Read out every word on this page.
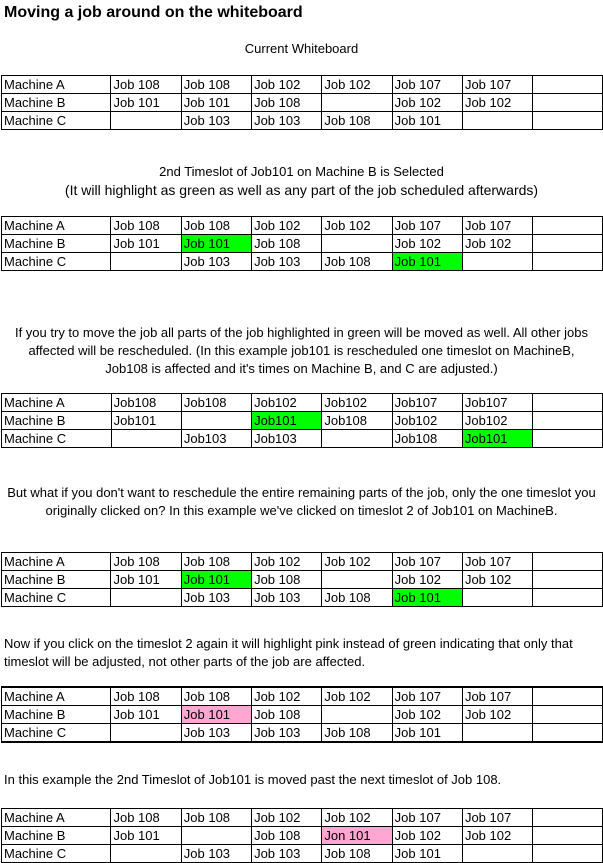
Moving a job around on the whiteboard
Current Whiteboard
Machine A	Job 108	Job 108	Job 102	Job 102	Job 107	Job 107	
Machine B	Job 101	Job 101	Job 108		Job 102	Job 102	
Machine C		Job 103	Job 103	Job 108	Job 101		
2nd Timeslot of Job101 on Machine B is Selected
(It will highlight as green as well as any part of the job scheduled afterwards)
Machine A	Job 108	Job 108	Job 102	Job 102	Job 107	Job 107	
Machine B	Job 101	Job 101	Job 108		Job 102	Job 102	
Machine C		Job 103	Job 103	Job 108	Job 101		
If you try to move the job all parts of the job highlighted in green will be moved as well. All other jobs affected will be rescheduled. (In this example job101 is rescheduled one timeslot on MachineB, Job108 is affected and it's times on Machine B, and C are adjusted.)
Machine A	Job108	Job108	Job102	Job102	Job107	Job107	
Machine B	Job101		Job101	Job108	Job102	Job102	
Machine C		Job103	Job103		Job108	Job101	
But what if you don't want to reschedule the entire remaining parts of the job, only the one timeslot you originally clicked on? In this example we've clicked on timeslot 2 of Job101 on MachineB.
Machine A	Job 108	Job 108	Job 102	Job 102	Job 107	Job 107	
Machine B	Job 101	Job 101	Job 108		Job 102	Job 102	
Machine C		Job 103	Job 103	Job 108	Job 101		
Now if you click on the timeslot 2 again it will highlight pink instead of green indicating that only that timeslot will be adjusted, not other parts of the job are affected.
Machine A	Job 108	Job 108	Job 102	Job 102	Job 107	Job 107	
Machine B	Job 101	Job 101	Job 108		Job 102	Job 102	
Machine C		Job 103	Job 103	Job 108	Job 101		
In this example the 2nd Timeslot of Job101 is moved past the next timeslot of Job 108.
Machine A	Job 108	Job 108	Job 102	Job 102	Job 107	Job 107	
Machine B	Job 101		Job 108	Jon 101	Job 102	Job 102	
Machine C		Job 103	Job 103	Job 108	Job 101		
